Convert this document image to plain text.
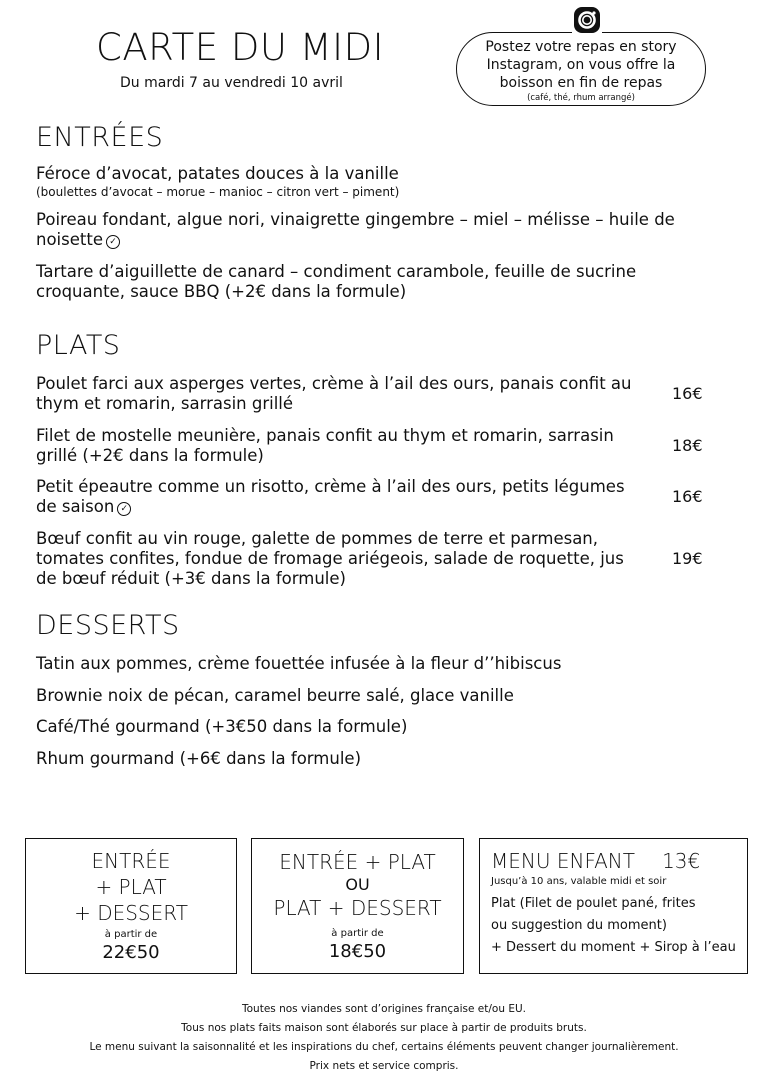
CARTE DU MIDI
Du mardi 7 au vendredi 10 avril
Postez votre repas en story
Instagram, on vous offre la
boisson en fin de repas
(café, thé, rhum arrangé)
ENTRÉES
Féroce d’avocat, patates douces à la vanille
(boulettes d’avocat – morue – manioc – citron vert – piment)
Poireau fondant, algue nori, vinaigrette gingembre – miel – mélisse – huile de
noisette ✓
Tartare d’aiguillette de canard – condiment carambole, feuille de sucrine
croquante, sauce BBQ (+2€ dans la formule)
PLATS
Poulet farci aux asperges vertes, crème à l’ail des ours, panais confit au
thym et romarin, sarrasin grillé
16€
Filet de mostelle meunière, panais confit au thym et romarin, sarrasin
grillé (+2€ dans la formule)
18€
Petit épeautre comme un risotto, crème à l’ail des ours, petits légumes
de saison ✓
16€
Bœuf confit au vin rouge, galette de pommes de terre et parmesan,
tomates confites, fondue de fromage ariégeois, salade de roquette, jus
de bœuf réduit (+3€ dans la formule)
19€
DESSERTS
Tatin aux pommes, crème fouettée infusée à la fleur d’’hibiscus
Brownie noix de pécan, caramel beurre salé, glace vanille
Café/Thé gourmand (+3€50 dans la formule)
Rhum gourmand (+6€ dans la formule)
ENTRÉE
+ PLAT
+ DESSERT
à partir de
22€50
ENTRÉE + PLAT
OU
PLAT + DESSERT
à partir de
18€50
MENU ENFANT 13€
Jusqu’à 10 ans, valable midi et soir
Plat (Filet de poulet pané, frites
ou suggestion du moment)
+ Dessert du moment + Sirop à l’eau
Toutes nos viandes sont d’origines française et/ou EU.
Tous nos plats faits maison sont élaborés sur place à partir de produits bruts.
Le menu suivant la saisonnalité et les inspirations du chef, certains éléments peuvent changer journalièrement.
Prix nets et service compris.
